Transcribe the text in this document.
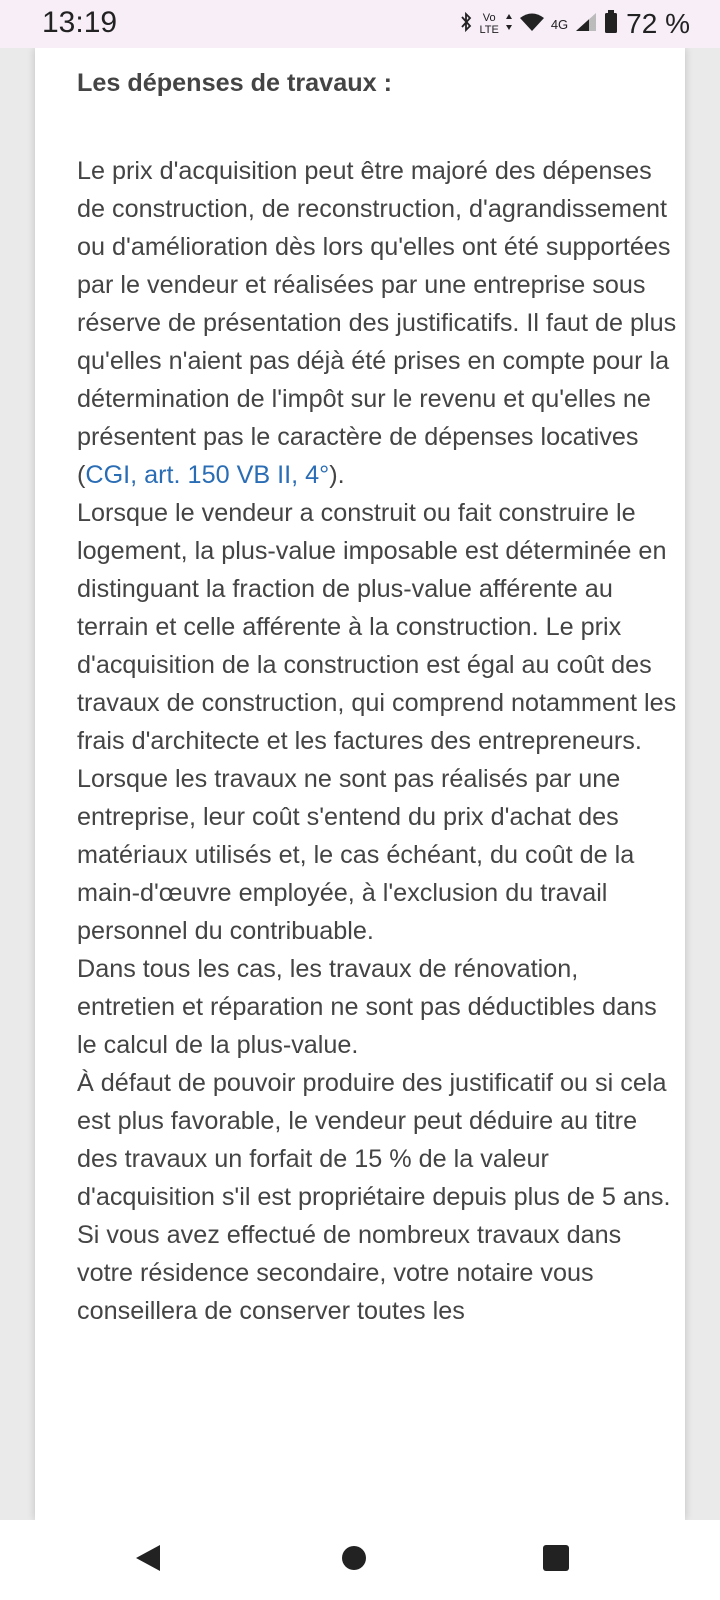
13:19	Vo
LTE	4G 72 %

Les dépenses de travaux :

Le prix d'acquisition peut être majoré des dépenses de construction, de reconstruction, d'agrandissement ou d'amélioration dès lors qu'elles ont été supportées par le vendeur et réalisées par une entreprise sous réserve de présentation des justificatifs. Il faut de plus qu'elles n'aient pas déjà été prises en compte pour la détermination de l'impôt sur le revenu et qu'elles ne présentent pas le caractère de dépenses locatives (CGI, art. 150 VB II, 4°).

Lorsque le vendeur a construit ou fait construire le logement, la plus-value imposable est déterminée en distinguant la fraction de plus-value afférente au terrain et celle afférente à la construction. Le prix d'acquisition de la construction est égal au coût des travaux de construction, qui comprend notamment les frais d'architecte et les factures des entrepreneurs. Lorsque les travaux ne sont pas réalisés par une entreprise, leur coût s'entend du prix d'achat des matériaux utilisés et, le cas échéant, du coût de la main-d'œuvre employée, à l'exclusion du travail personnel du contribuable.

Dans tous les cas, les travaux de rénovation, entretien et réparation ne sont pas déductibles dans le calcul de la plus-value.

À défaut de pouvoir produire des justificatif ou si cela est plus favorable, le vendeur peut déduire au titre des travaux un forfait de 15 % de la valeur d'acquisition s'il est propriétaire depuis plus de 5 ans.

Si vous avez effectué de nombreux travaux dans votre résidence secondaire, votre notaire vous conseillera de conserver toutes les
